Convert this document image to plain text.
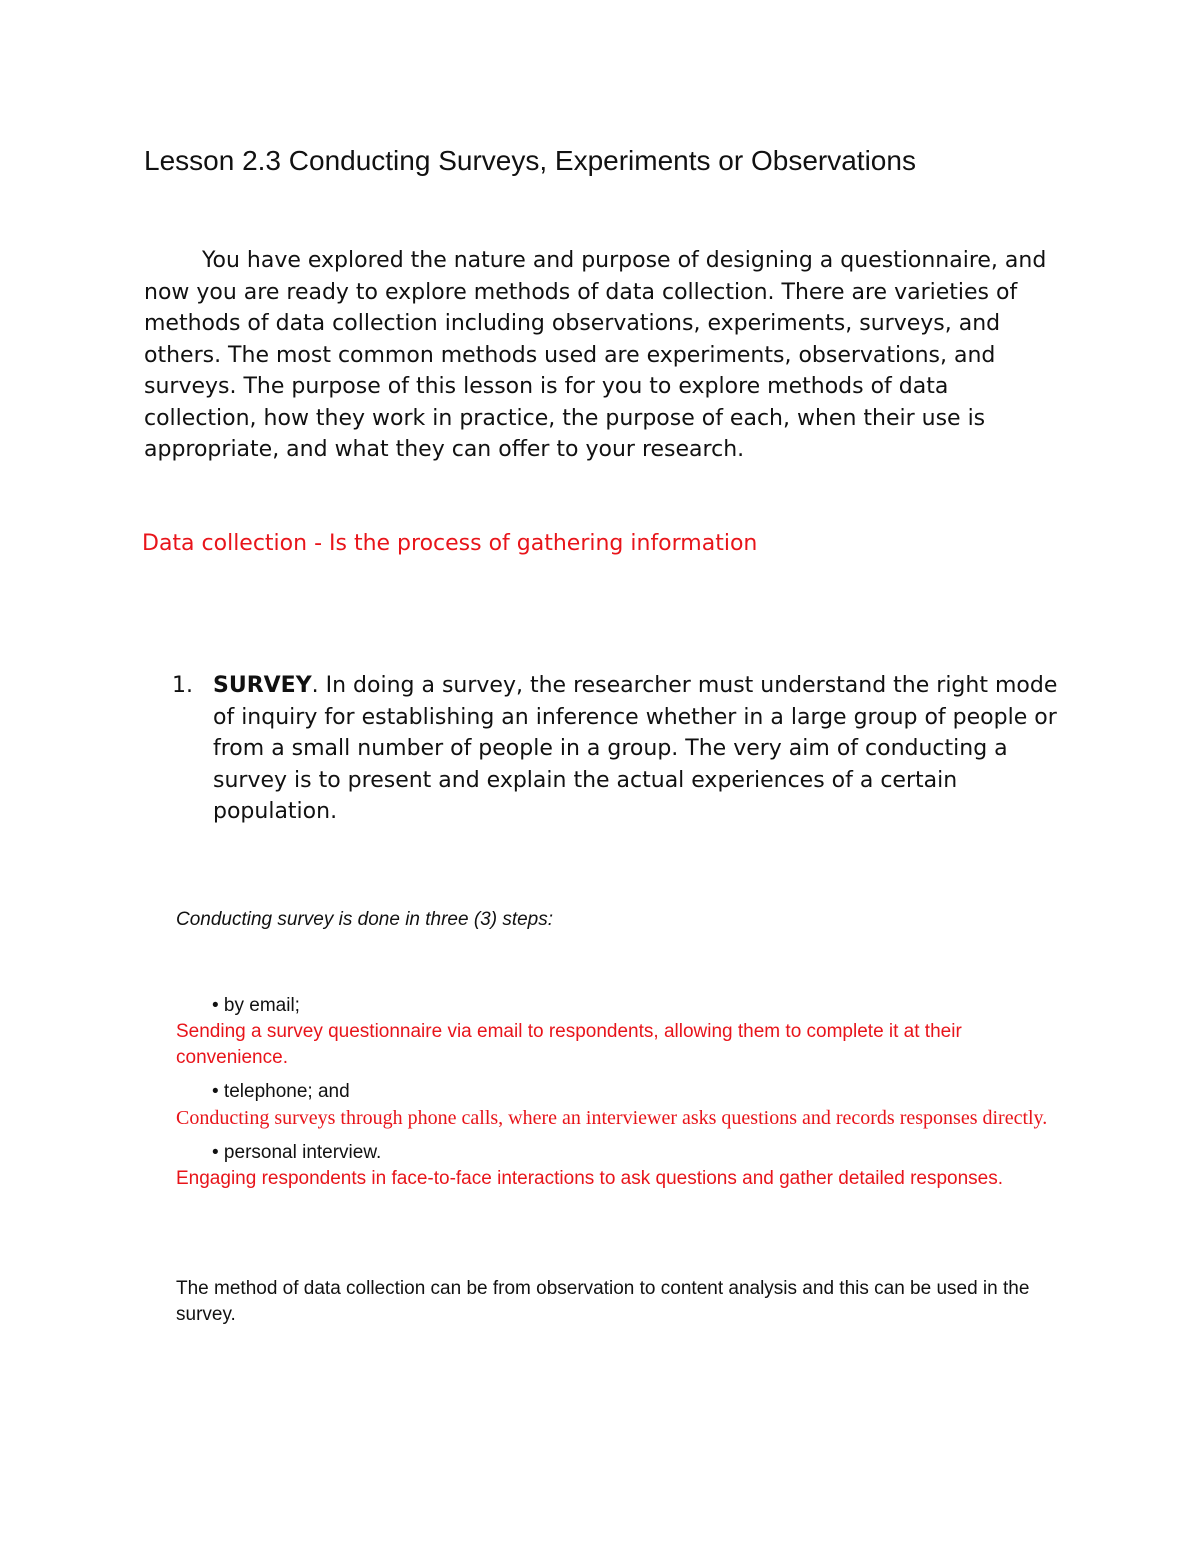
Lesson 2.3 Conducting Surveys, Experiments or Observations

You have explored the nature and purpose of designing a questionnaire, and now you are ready to explore methods of data collection. There are varieties of methods of data collection including observations, experiments, surveys, and others. The most common methods used are experiments, observations, and surveys. The purpose of this lesson is for you to explore methods of data collection, how they work in practice, the purpose of each, when their use is appropriate, and what they can offer to your research.

Data collection - Is the process of gathering information

1. SURVEY. In doing a survey, the researcher must understand the right mode of inquiry for establishing an inference whether in a large group of people or from a small number of people in a group. The very aim of conducting a survey is to present and explain the actual experiences of a certain population.

Conducting survey is done in three (3) steps:

• by email;

Sending a survey questionnaire via email to respondents, allowing them to complete it at their convenience.

• telephone; and

Conducting surveys through phone calls, where an interviewer asks questions and records responses directly.

• personal interview.

Engaging respondents in face-to-face interactions to ask questions and gather detailed responses.

The method of data collection can be from observation to content analysis and this can be used in the survey.
